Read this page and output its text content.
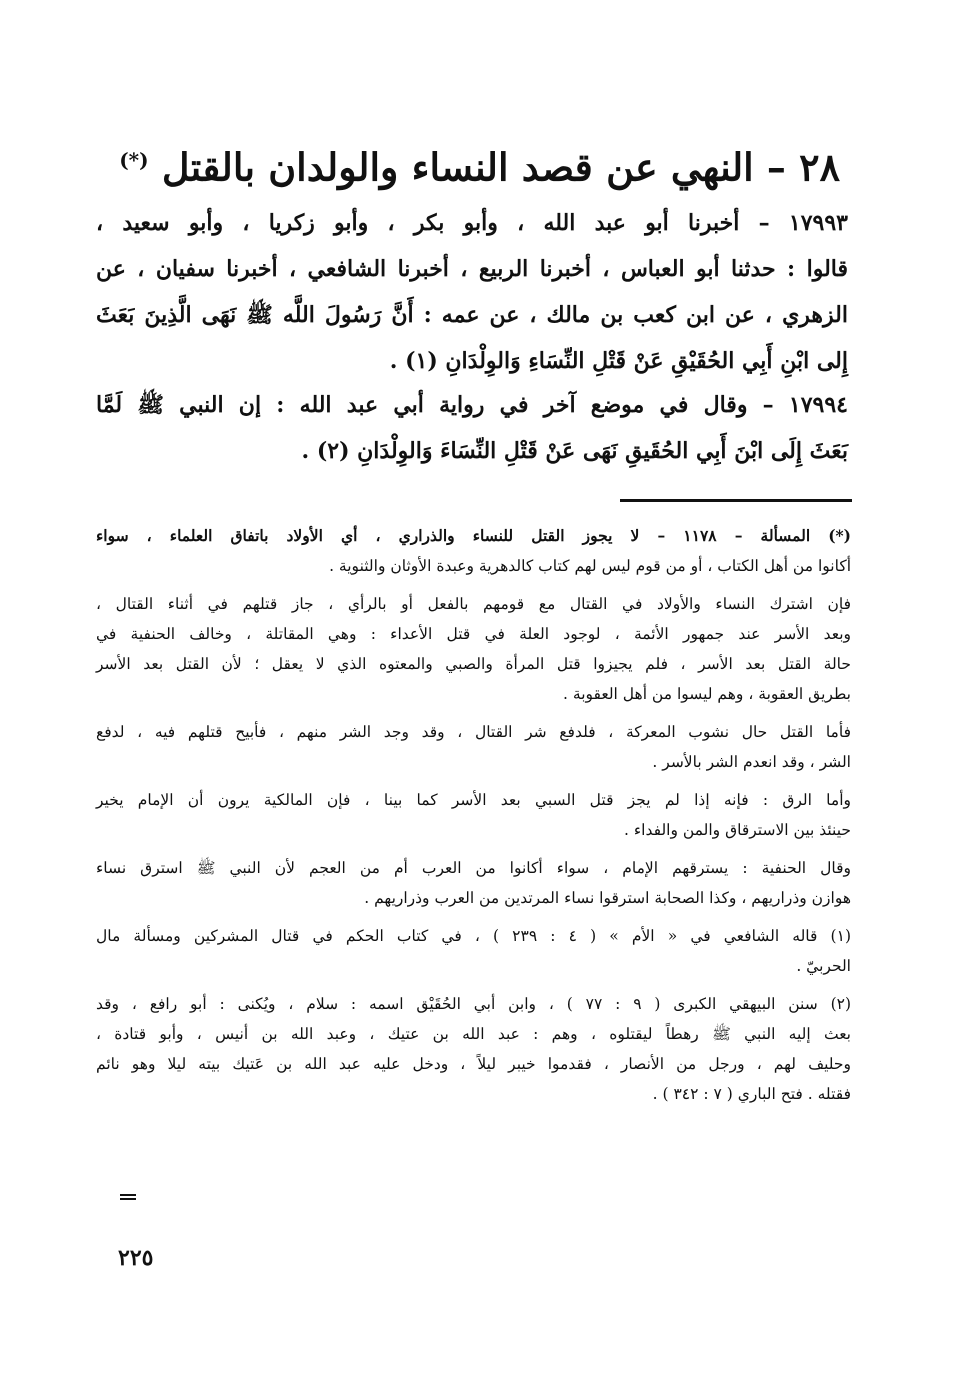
٢٨ – النهي عن قصد النساء والولدان بالقتل (*)
١٧٩٩٣ – أخبرنا أبو عبد الله ، وأبو بكر ، وأبو زكريا ، وأبو سعيد ،
قالوا : حدثنا أبو العباس ، أخبرنا الربيع ، أخبرنا الشافعي ، أخبرنا سفيان ، عن
الزهري ، عن ابن كعب بن مالك ، عن عمه : أَنَّ رَسُولَ اللَّه ﷺ نَهَى الَّذِينَ بَعَثَ
إِلى ابْنِ أَبِي الحُقَيْقِ عَنْ قَتْلِ النِّسَاءِ وَالوِلْدَانِ (١) .
١٧٩٩٤ – وقال في موضع آخر في رواية أبي عبد الله : إن النبي ﷺ لَمَّا
بَعَثَ إِلَى ابْنَ أَبِي الحُقَيقِ نَهَى عَنْ قَتْلِ النِّسَاءَ وَالوِلْدَانِ (٢) .
(*) المسألة – ١١٧٨ – لا يجوز القتل للنساء والذراري ، أي الأولاد باتفاق العلماء ، سواء
أكانوا من أهل الكتاب ، أو من قوم ليس لهم كتاب كالدهرية وعبدة الأوثان والثنوية .
فإن اشترك النساء والأولاد في القتال مع قومهم بالفعل أو بالرأي ، جاز قتلهم في أثناء القتال ،
وبعد الأسر عند جمهور الأئمة ، لوجود العلة في قتل الأعداء : وهي المقاتلة ، وخالف الحنفية في
حالة القتل بعد الأسر ، فلم يجيزوا قتل المرأة والصبي والمعتوه الذي لا يعقل ؛ لأن القتل بعد الأسر
بطريق العقوبة ، وهم ليسوا من أهل العقوبة .
فأما القتل حال نشوب المعركة ، فلدفع شر القتال ، وقد وجد الشر منهم ، فأبيح قتلهم فيه ، لدفع
الشر ، وقد انعدم الشر بالأسر .
وأما الرق : فإنه إذا لم يجز قتل السبي بعد الأسر كما بينا ، فإن المالكية يرون أن الإمام يخير
حينئذ بين الاسترقاق والمن والفداء .
وقال الحنفية : يسترقهم الإمام ، سواء أكانوا من العرب أم من العجم لأن النبي ﷺ استرق نساء
هوازن وذراريهم ، وكذا الصحابة استرقوا نساء المرتدين من العرب وذراريهم .
(١) قاله الشافعي في « الأم » ( ٤ : ٢٣٩ ) ، في كتاب الحكم في قتال المشركين ومسألة مال
الحربيّ .
(٢) سنن البيهقي الكبرى ( ٩ : ٧٧ ) ، وابن أبي الحُقَيْق اسمه : سلام ، ويُكنى : أبو رافع ، وقد
بعث إليه النبي ﷺ رهطاً ليقتلوه ، وهم : عبد الله بن عتيك ، وعبد الله بن أنيس ، وأبو قتادة ،
وحليف لهم ، ورجل من الأنصار ، فقدموا خيبر ليلاً ، ودخل عليه عبد الله بن عَتيك بيته ليلا وهو نائم
فقتله . فتح الباري ( ٧ : ٣٤٢ ) .
٢٢٥
